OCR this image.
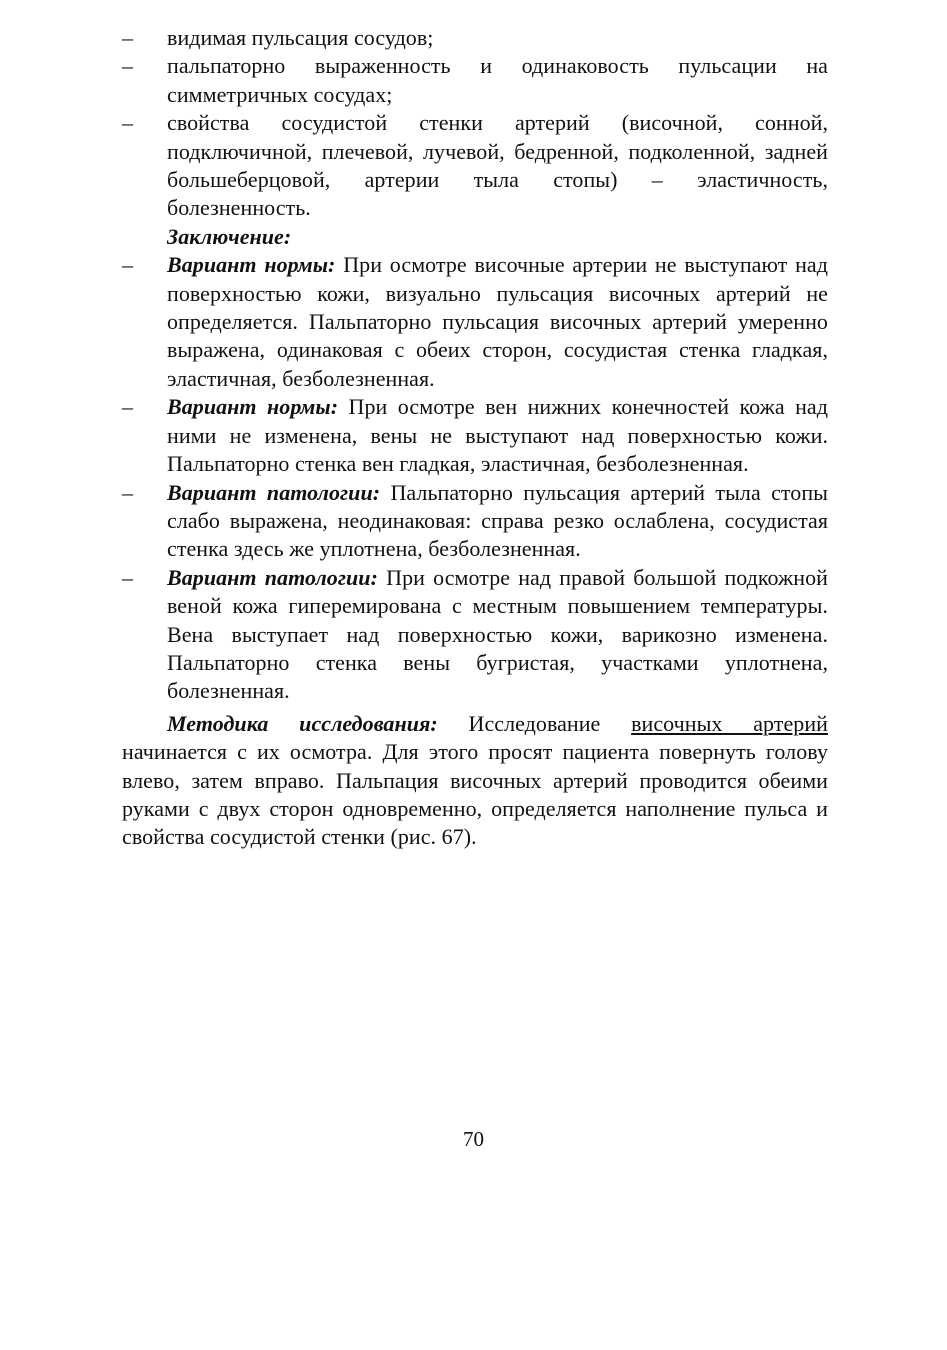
– видимая пульсация сосудов;

– пальпаторно выраженность и одинаковость пульсации на симметричных сосудах;

– свойства сосудистой стенки артерий (височной, сонной, подключичной, плечевой, лучевой, бедренной, подколенной, задней большеберцовой, артерии тыла стопы) – эластичность, болезненность.

Заключение:

– Вариант нормы: При осмотре височные артерии не выступают над поверхностью кожи, визуально пульсация височных артерий не определяется. Пальпаторно пульсация височных артерий умеренно выражена, одинаковая с обеих сторон, сосудистая стенка гладкая, эластичная, безболезненная.

– Вариант нормы: При осмотре вен нижних конечностей кожа над ними не изменена, вены не выступают над поверхностью кожи. Пальпаторно стенка вен гладкая, эластичная, безболезненная.

– Вариант патологии: Пальпаторно пульсация артерий тыла стопы слабо выражена, неодинаковая: справа резко ослаблена, сосудистая стенка здесь же уплотнена, безболезненная.

– Вариант патологии: При осмотре над правой большой подкожной веной кожа гиперемирована с местным повышением температуры. Вена выступает над поверхностью кожи, варикозно изменена. Пальпаторно стенка вены бугристая, участками уплотнена, болезненная.

Методика исследования: Исследование височных артерий начинается с их осмотра. Для этого просят пациента повернуть голову влево, затем вправо. Пальпация височных артерий проводится обеими руками с двух сторон одновременно, определяется наполнение пульса и свойства сосудистой стенки (рис. 67).

70
